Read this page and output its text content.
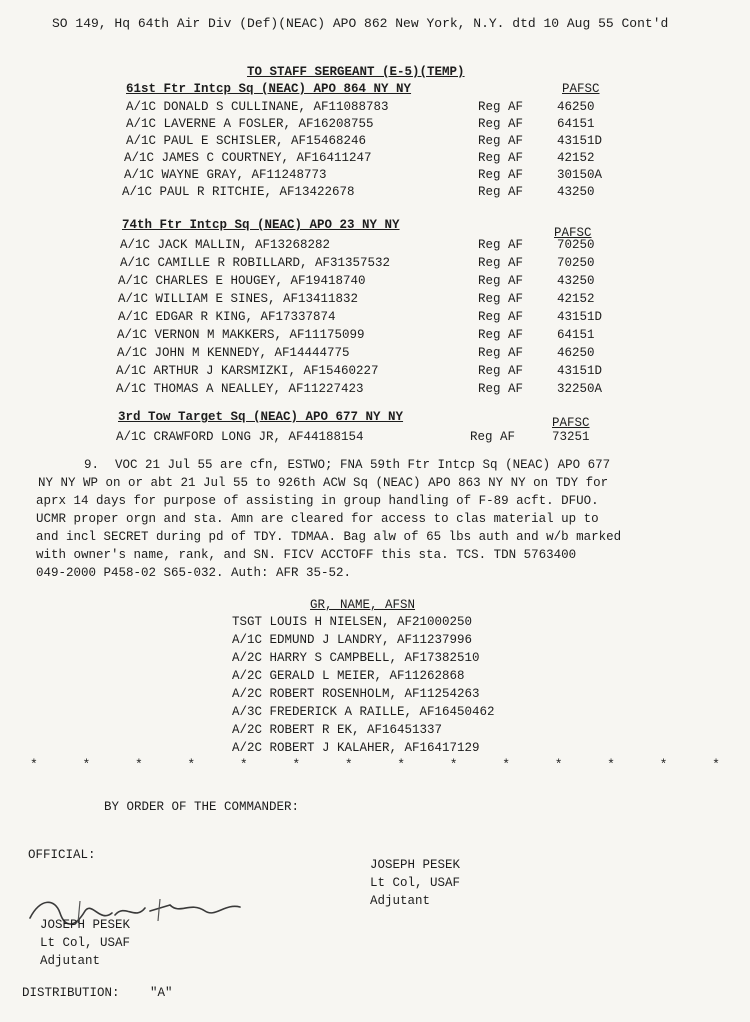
SO 149, Hq 64th Air Div (Def)(NEAC) APO 862 New York, N.Y. dtd 10 Aug 55 Cont'd
TO STAFF SERGEANT (E-5)(TEMP)
61st Ftr Intcp Sq (NEAC) APO 864 NY NY	PAFSC
A/1C DONALD S CULLINANE, AF11088783	Reg AF	46250
A/1C LAVERNE A FOSLER, AF16208755	Reg AF	64151
A/1C PAUL E SCHISLER, AF15468246	Reg AF	43151D
A/1C JAMES C COURTNEY, AF16411247	Reg AF	42152
A/1C WAYNE GRAY, AF11248773	Reg AF	30150A
A/1C PAUL R RITCHIE, AF13422678	Reg AF	43250
74th Ftr Intcp Sq (NEAC) APO 23 NY NY
PAFSC
A/1C JACK MALLIN, AF13268282	Reg AF	70250
A/1C CAMILLE R ROBILLARD, AF31357532	Reg AF	70250
A/1C CHARLES E HOUGEY, AF19418740	Reg AF	43250
A/1C WILLIAM E SINES, AF13411832	Reg AF	42152
A/1C EDGAR R KING, AF17337874	Reg AF	43151D
A/1C VERNON M MAKKERS, AF11175099	Reg AF	64151
A/1C JOHN M KENNEDY, AF14444775	Reg AF	46250
A/1C ARTHUR J KARSMIZKI, AF15460227	Reg AF	43151D
A/1C THOMAS A NEALLEY, AF11227423	Reg AF	32250A
3rd Tow Target Sq (NEAC) APO 677 NY NY	PAFSC
A/1C CRAWFORD LONG JR, AF44188154	Reg AF	73251
9. VOC 21 Jul 55 are cfn, ESTWO; FNA 59th Ftr Intcp Sq (NEAC) APO 677
NY NY WP on or abt 21 Jul 55 to 926th ACW Sq (NEAC) APO 863 NY NY on TDY for
aprx 14 days for purpose of assisting in group handling of F-89 acft. DFUO.
UCMR proper orgn and sta. Amn are cleared for access to clas material up to
and incl SECRET during pd of TDY. TDMAA. Bag alw of 65 lbs auth and w/b marked
with owner's name, rank, and SN. FICV ACCTOFF this sta. TCS. TDN 5763400
049-2000 P458-02 S65-032. Auth: AFR 35-52.
GR, NAME, AFSN
TSGT LOUIS H NIELSEN, AF21000250
A/1C EDMUND J LANDRY, AF11237996
A/2C HARRY S CAMPBELL, AF17382510
A/2C GERALD L MEIER, AF11262868
A/2C ROBERT ROSENHOLM, AF11254263
A/3C FREDERICK A RAILLE, AF16450462
A/2C ROBERT R EK, AF16451337
A/2C ROBERT J KALAHER, AF16417129
*	*	*	*	*	*	*	*	*	*	*	*	*	*
BY ORDER OF THE COMMANDER:
OFFICIAL:
JOSEPH PESEK
Lt Col, USAF
Adjutant
JOSEPH PESEK
Lt Col, USAF
Adjutant
DISTRIBUTION: "A"
